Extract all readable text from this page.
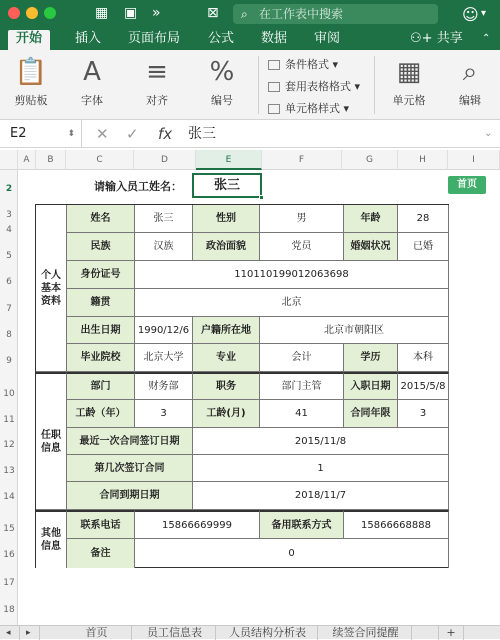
▦ ▣ »	⊠ ⌕ 在工作表中搜索	☺ ▾
开始	插入 页面布局 公式 数据 审阅	⚇+ 共享 ⌃
📋
剪贴板
A
字体
≡
对齐
%
编号
条件格式 ▾
套用表格格式 ▾
单元格样式 ▾
▦
单元格
⌕
编辑
E2	⬍ ✕ ✓ fx 张三	⌄
A	B	C	D	E	F	G	H	I
2
3
4
5
6
7
8
9
10
11
12
13
14
15
16
17
18
请输入员工姓名：	张三	首页
个人
基本
资料
姓名	张三	性别	男	年龄	28
民族	汉族	政治面貌	党员	婚姻状况	已婚
身份证号	110110199012063698
籍贯	北京
出生日期	1990/12/6	户籍所在地	北京市朝阳区
毕业院校	北京大学	专业	会计	学历	本科
任职
信息
部门	财务部	职务	部门主管	入职日期	2015/5/8
工龄（年）	3	工龄(月)	41	合同年限	3
最近一次合同签订日期	2015/11/8
第几次签订合同	1
合同到期日期	2018/11/7
其他
信息
联系电话	15866669999	备用联系方式	15866668888
备注	0
◂	▸	首页	员工信息表	人员结构分析表	续签合同提醒	+
